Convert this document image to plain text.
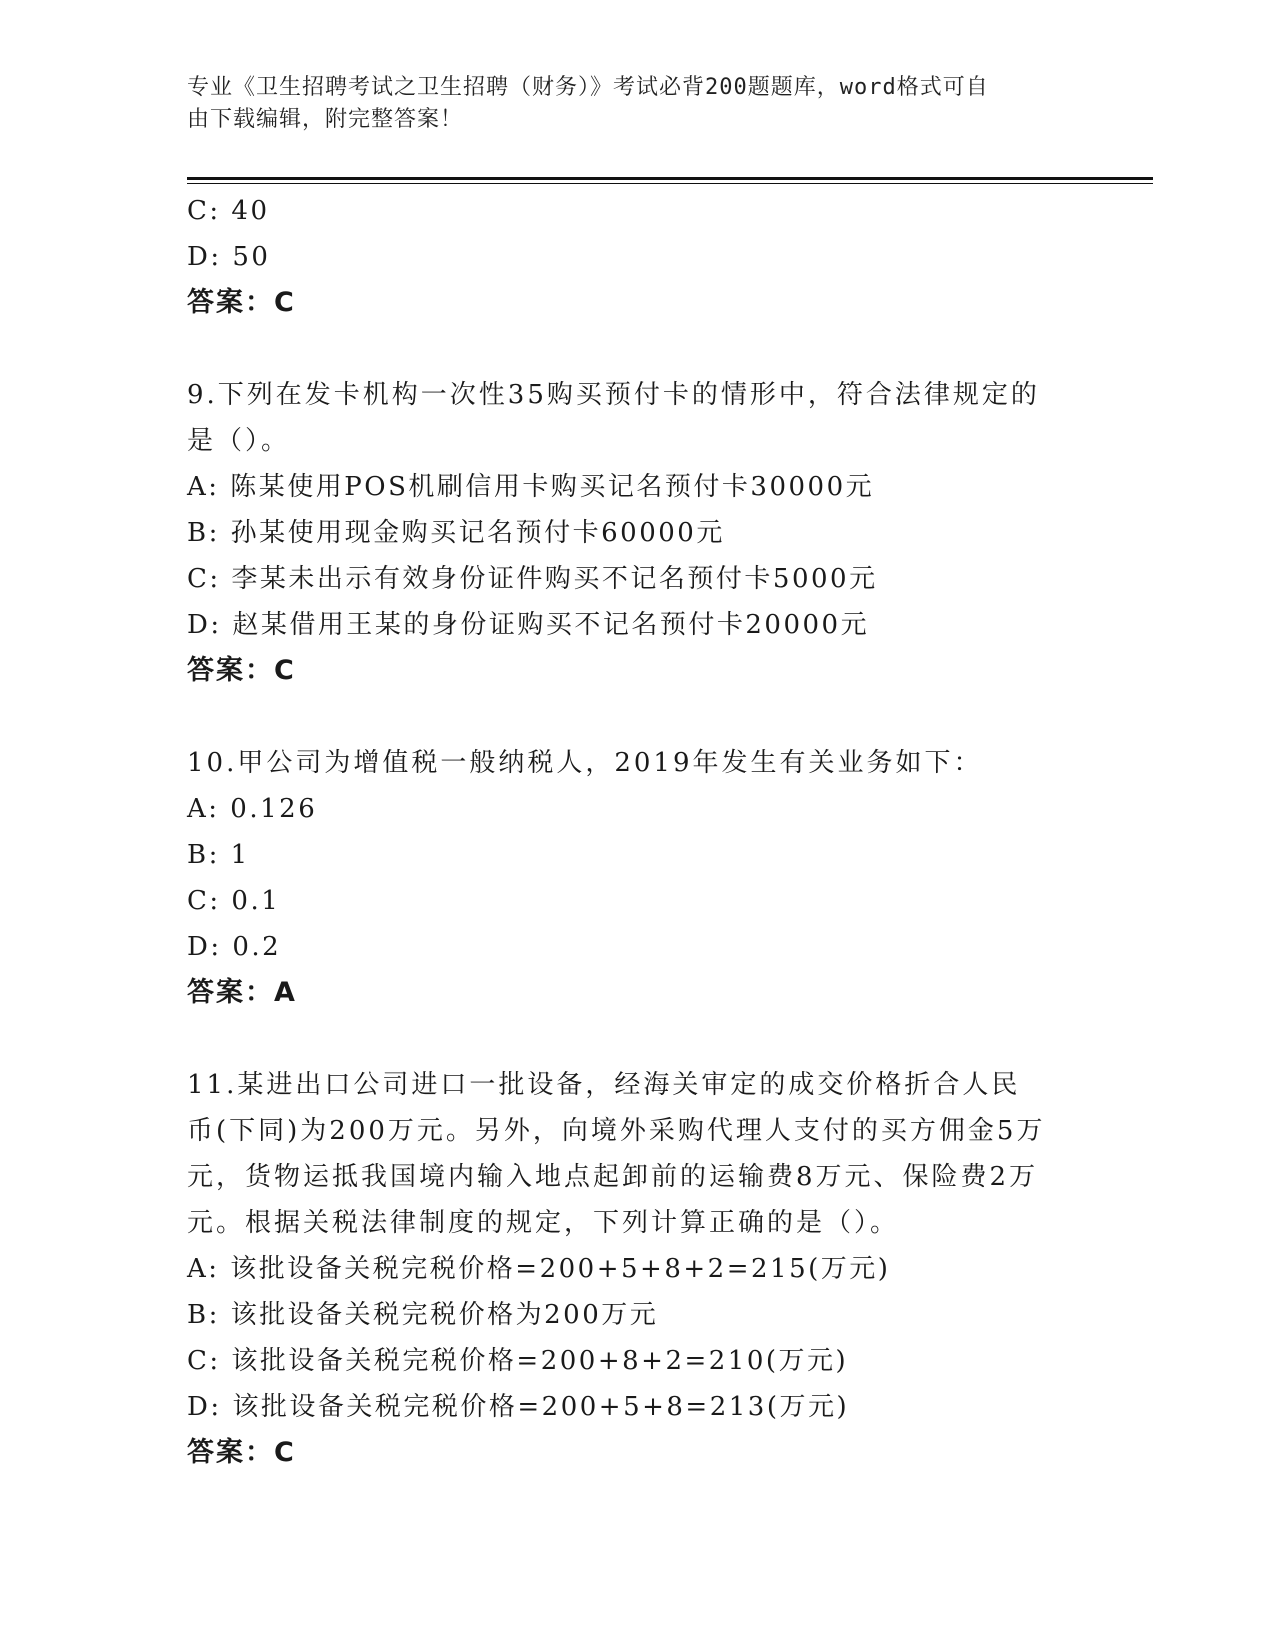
专业《卫生招聘考试之卫生招聘（财务）》考试必背200题题库，word格式可自
由下载编辑，附完整答案！
C: 40
D: 50
答案：C
9.下列在发卡机构一次性35购买预付卡的情形中，符合法律规定的是（）。
A: 陈某使用POS机刷信用卡购买记名预付卡30000元
B: 孙某使用现金购买记名预付卡60000元
C: 李某未出示有效身份证件购买不记名预付卡5000元
D: 赵某借用王某的身份证购买不记名预付卡20000元
答案：C
10.甲公司为增值税一般纳税人，2019年发生有关业务如下：
A: 0.126
B: 1
C: 0.1
D: 0.2
答案：A
11.某进出口公司进口一批设备，经海关审定的成交价格折合人民币(下同)为200万元。另外，向境外采购代理人支付的买方佣金5万元，货物运抵我国境内输入地点起卸前的运输费8万元、保险费2万元。根据关税法律制度的规定，下列计算正确的是（）。
A: 该批设备关税完税价格=200+5+8+2=215(万元)
B: 该批设备关税完税价格为200万元
C: 该批设备关税完税价格=200+8+2=210(万元)
D: 该批设备关税完税价格=200+5+8=213(万元)
答案：C
